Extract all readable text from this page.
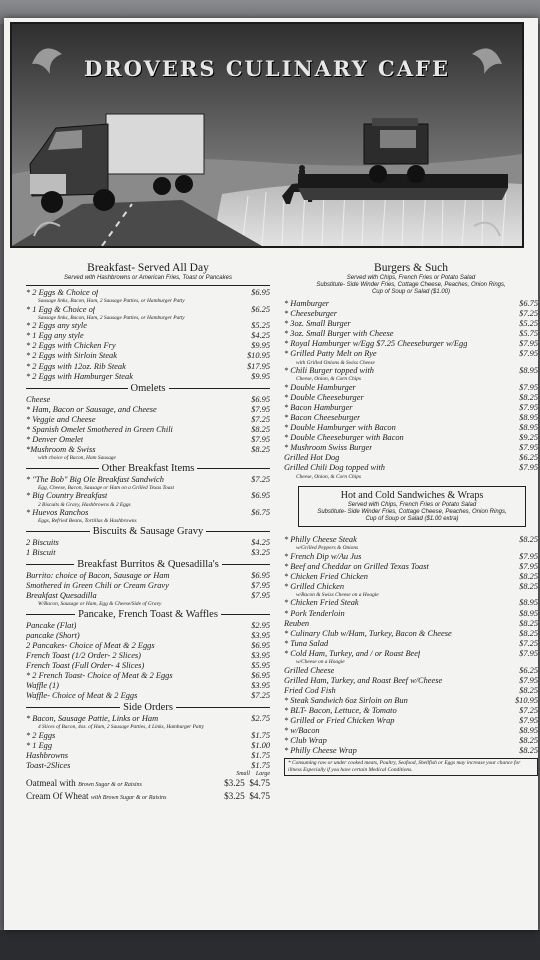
DROVERS CULINARY CAFE
Breakfast- Served All Day
Served with Hashbrowns or American Fries, Toast or Pancakes
* 2 Eggs & Choice of	$6.95
Sausage links, Bacon, Ham, 2 Sausage Patties, or Hamburger Patty
* 1 Egg & Choice of	$6.25
Sausage links, Bacon, Ham, 2 Sausage Patties, or Hamburger Patty
* 2 Eggs any style	$5.25
* 1 Egg any style	$4.25
* 2 Eggs with Chicken Fry	$9.95
* 2 Eggs with Sirloin Steak	$10.95
* 2 Eggs with 12oz. Rib Steak	$17.95
* 2 Eggs with Hamburger Steak	$9.95
Omelets
Cheese	$6.95
* Ham, Bacon or Sausage, and Cheese	$7.95
* Veggie and Cheese	$7.25
* Spanish Omelet Smothered in Green Chili	$8.25
* Denver Omelet	$7.95
*Mushroom & Swiss	$8.25
with choice of Bacon, Ham Sausage
Other Breakfast Items
* "The Bob" Big Ole Breakfast Sandwich	$7.25
Egg, Cheese, Bacon, Sausage or Ham on a Grilled Texas Toast
* Big Country Breakfast	$6.95
2 Biscuits & Gravy, Hashbrowns & 2 Eggs
* Huevos Ranchos	$6.75
Eggs, Refried Beans, Tortillas & Hashbrowns
Biscuits & Sausage Gravy
2 Biscuits	$4.25
1 Biscuit	$3.25
Breakfast Burritos & Quesadilla's
Burrito: choice of Bacon, Sausage or Ham	$6.95
Smothered in Green Chili or Cream Gravy	$7.95
Breakfast Quesadilla	$7.95
W/Bacon, Sausage or Ham, Egg & Cheese/Side of Gravy
Pancake, French Toast & Waffles
Pancake (Flat)	$2.95
pancake (Short)	$3.95
2 Pancakes- Choice of Meat & 2 Eggs	$6.95
French Toast (1/2 Order- 2 Slices)	$3.95
French Toast (Full Order- 4 Slices)	$5.95
* 2 French Toast- Choice of Meat & 2 Eggs	$6.95
Waffle (1)	$3.95
Waffle- Choice of Meat & 2 Eggs	$7.25
Side Orders
* Bacon, Sausage Pattie, Links or Ham	$2.75
4 Slices of Bacon, 4oz. of Ham, 2 Sausage Patties, 4 Links, Hamburger Patty
* 2 Eggs	$1.75
* 1 Egg	$1.00
Hashbrowns	$1.75
Toast-2Slices	$1.75
Small Large
Oatmeal with Brown Sugar & or Raisins	$3.25 $4.75
Cream Of Wheat with Brown Sugar & or Raisins	$3.25 $4.75
Burgers & Such
Served with Chips, French Fries or Potato Salad
Substitute- Side Winder Fries, Cottage Cheese, Peaches, Onion Rings,
Cup of Soup or Salad ($1.00)
* Hamburger	$6.75
* Cheeseburger	$7.25
* 3oz. Small Burger	$5.25
* 3oz. Small Burger with Cheese	$5.75
* Royal Hamburger w/Egg $7.25 Cheeseburger w/Egg	$7.95
* Grilled Patty Melt on Rye	$7.95
with Grilled Onions & Swiss Cheese
* Chili Burger topped with	$8.95
Cheese, Onion, & Corn Chips
* Double Hamburger	$7.95
* Double Cheeseburger	$8.25
* Bacon Hamburger	$7.95
* Bacon Cheeseburger	$8.95
* Double Hamburger with Bacon	$8.95
* Double Cheeseburger with Bacon	$9.25
* Mushroom Swiss Burger	$7.95
Grilled Hot Dog	$6.25
Grilled Chili Dog topped with	$7.95
Cheese, Onion, & Corn Chips
Hot and Cold Sandwiches & Wraps
Served with Chips, French Fries or Potato Salad
Substitute- Side Winder Fries, Cottage Cheese, Peaches, Onion Rings,
Cup of Soup or Salad ($1.00 extra)
* Philly Cheese Steak	$8.25
w/Grilled Peppers & Onions
* French Dip w/Au Jus	$7.95
* Beef and Cheddar on Grilled Texas Toast	$7.95
* Chicken Fried Chicken	$8.25
* Grilled Chicken	$8.25
w/Bacon & Swiss Cheese on a Hoagie
* Chicken Fried Steak	$8.95
* Pork Tenderloin	$8.95
Reuben	$8.25
* Culinary Club w/Ham, Turkey, Bacon & Cheese	$8.25
* Tuna Salad	$7.25
* Cold Ham, Turkey, and / or Roast Beef	$7.95
w/Cheese on a Hoagie
Grilled Cheese	$6.25
Grilled Ham, Turkey, and Roast Beef w/Cheese	$7.95
Fried Cod Fish	$8.25
* Steak Sandwich 6oz Sirloin on Bun	$10.95
* BLT- Bacon, Lettuce, & Tomato	$7.25
* Grilled or Fried Chicken Wrap	$7.95
* w/Bacon	$8.95
* Club Wrap	$8.25
* Philly Cheese Wrap	$8.25
* Consuming raw or under cooked meats, Poultry, Seafood, Shellfish or Eggs may increase your chance for illness Especially if you have certain Medical Conditions.
